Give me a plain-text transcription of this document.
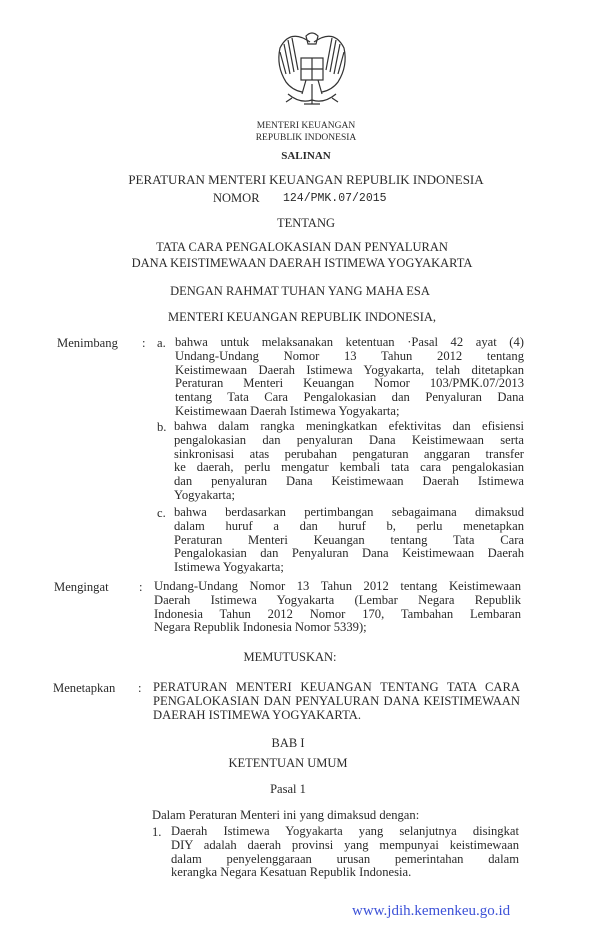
MENTERI KEUANGAN
REPUBLIK INDONESIA
SALINAN
PERATURAN MENTERI KEUANGAN REPUBLIK INDONESIA
NOMOR 124/PMK.07/2015
TENTANG
TATA CARA PENGALOKASIAN DAN PENYALURAN
DANA KEISTIMEWAAN DAERAH ISTIMEWA YOGYAKARTA
DENGAN RAHMAT TUHAN YANG MAHA ESA
MENTERI KEUANGAN REPUBLIK INDONESIA,
Menimbang : a. bahwa untuk melaksanakan ketentuan ·Pasal 42 ayat (4)
Undang-Undang Nomor 13 Tahun 2012 tentang
Keistimewaan Daerah Istimewa Yogyakarta, telah ditetapkan
Peraturan Menteri Keuangan Nomor 103/PMK.07/2013
tentang Tata Cara Pengalokasian dan Penyaluran Dana
Keistimewaan Daerah Istimewa Yogyakarta;
b. bahwa dalam rangka meningkatkan efektivitas dan efisiensi
pengalokasian dan penyaluran Dana Keistimewaan serta
sinkronisasi atas perubahan pengaturan anggaran transfer
ke daerah, perlu mengatur kembali tata cara pengalokasian
dan penyaluran Dana Keistimewaan Daerah Istimewa
Yogyakarta;
c. bahwa berdasarkan pertimbangan sebagaimana dimaksud
dalam huruf a dan huruf b, perlu menetapkan
Peraturan Menteri Keuangan tentang Tata Cara
Pengalokasian dan Penyaluran Dana Keistimewaan Daerah
Istimewa Yogyakarta;
Mengingat : Undang-Undang Nomor 13 Tahun 2012 tentang Keistimewaan
Daerah Istimewa Yogyakarta (Lembar Negara Republik
Indonesia Tahun 2012 Nomor 170, Tambahan Lembaran
Negara Republik Indonesia Nomor 5339);
MEMUTUSKAN:
Menetapkan : PERATURAN MENTERI KEUANGAN TENTANG TATA CARA
PENGALOKASIAN DAN PENYALURAN DANA KEISTIMEWAAN
DAERAH ISTIMEWA YOGYAKARTA.
BAB I
KETENTUAN UMUM
Pasal 1
Dalam Peraturan Menteri ini yang dimaksud dengan:
1. Daerah Istimewa Yogyakarta yang selanjutnya disingkat
DIY adalah daerah provinsi yang mempunyai keistimewaan
dalam penyelenggaraan urusan pemerintahan dalam
kerangka Negara Kesatuan Republik Indonesia.
www.jdih.kemenkeu.go.id
